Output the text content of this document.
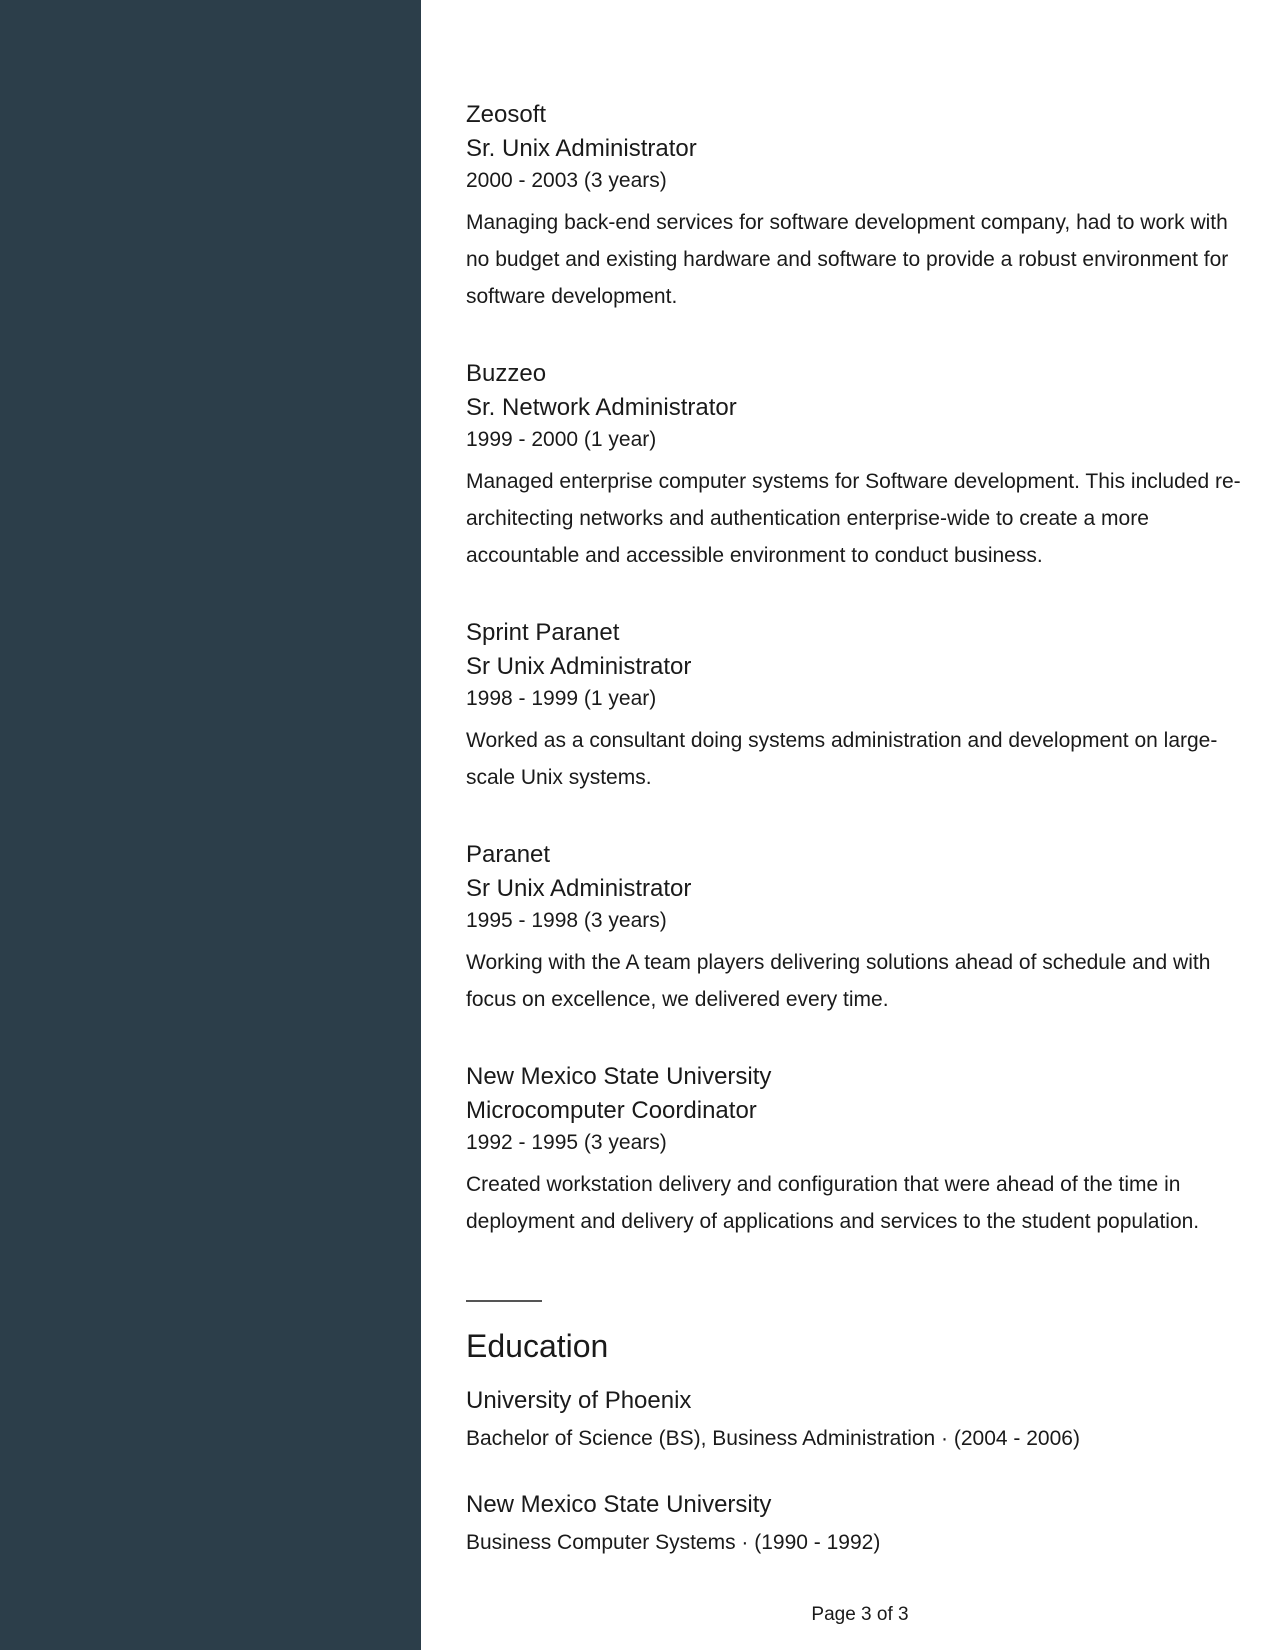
Zeosoft
Sr. Unix Administrator
2000 - 2003 (3 years)
Managing back-end services for software development company, had to work with no budget and existing hardware and software to provide a robust environment for software development.
Buzzeo
Sr. Network Administrator
1999 - 2000 (1 year)
Managed enterprise computer systems for Software development. This included re-architecting networks and authentication enterprise-wide to create a more accountable and accessible environment to conduct business.
Sprint Paranet
Sr Unix Administrator
1998 - 1999 (1 year)
Worked as a consultant doing systems administration and development on large-scale Unix systems.
Paranet
Sr Unix Administrator
1995 - 1998 (3 years)
Working with the A team players delivering solutions ahead of schedule and with focus on excellence, we delivered every time.
New Mexico State University
Microcomputer Coordinator
1992 - 1995 (3 years)
Created workstation delivery and configuration that were ahead of the time in deployment and delivery of applications and services to the student population.
Education
University of Phoenix
Bachelor of Science (BS), Business Administration · (2004 - 2006)
New Mexico State University
Business Computer Systems · (1990 - 1992)
Page 3 of 3
